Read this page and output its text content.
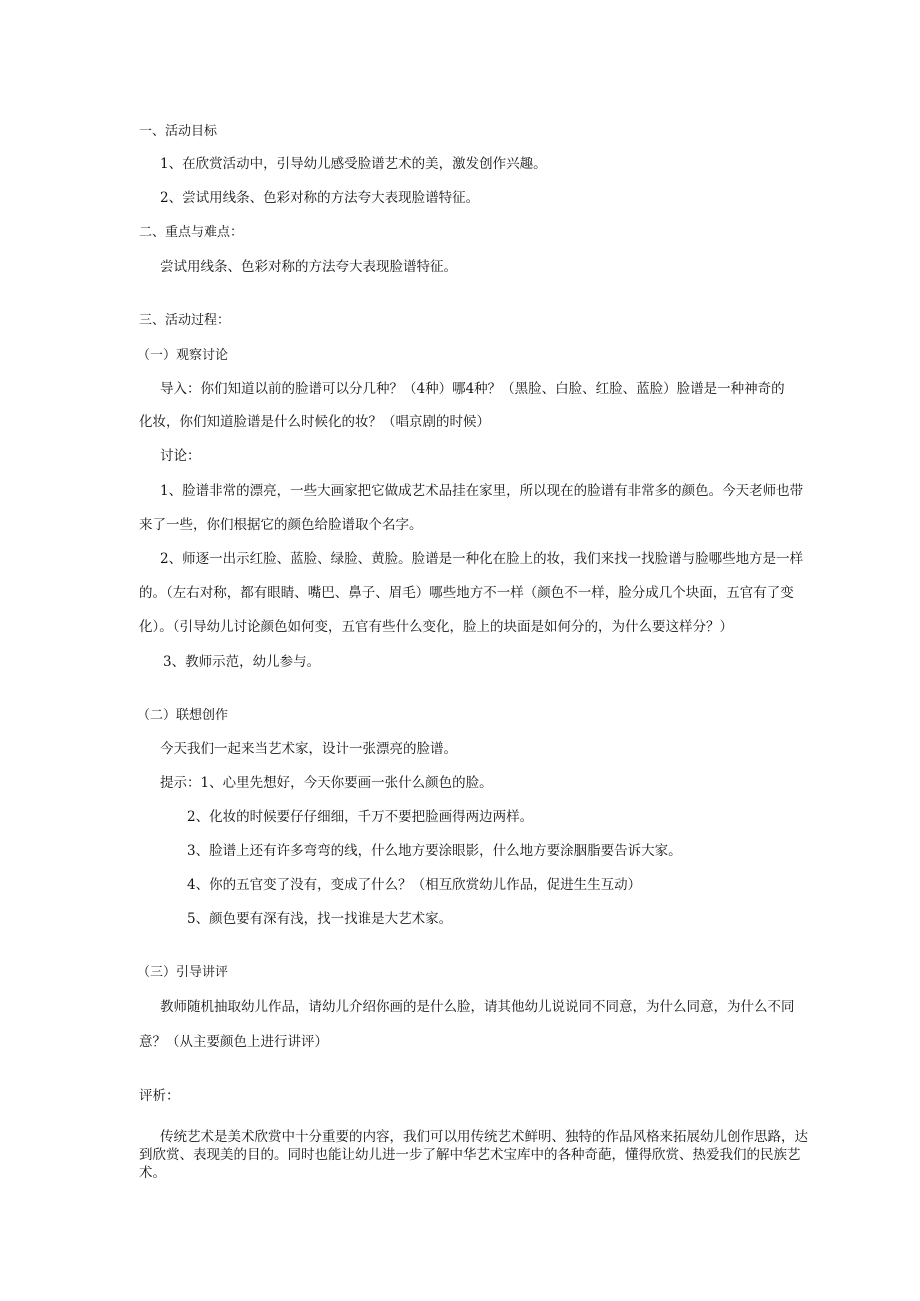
一、活动目标
1、在欣赏活动中，引导幼儿感受脸谱艺术的美，激发创作兴趣。
2、尝试用线条、色彩对称的方法夸大表现脸谱特征。
二、重点与难点：
尝试用线条、色彩对称的方法夸大表现脸谱特征。
三、活动过程：
（一）观察讨论
导入：你们知道以前的脸谱可以分几种？（4种）哪4种？（黑脸、白脸、红脸、蓝脸）脸谱是一种神奇的
化妆，你们知道脸谱是什么时候化的妆？（唱京剧的时候）
讨论：
1、脸谱非常的漂亮，一些大画家把它做成艺术品挂在家里，所以现在的脸谱有非常多的颜色。今天老师也带
来了一些，你们根据它的颜色给脸谱取个名字。
2、师逐一出示红脸、蓝脸、绿脸、黄脸。脸谱是一种化在脸上的妆，我们来找一找脸谱与脸哪些地方是一样
的。（左右对称，都有眼睛、嘴巴、鼻子、眉毛）哪些地方不一样（颜色不一样，脸分成几个块面，五官有了变
化）。（引导幼儿讨论颜色如何变，五官有些什么变化，脸上的块面是如何分的，为什么要这样分？）
3、教师示范，幼儿参与。
（二）联想创作
今天我们一起来当艺术家，设计一张漂亮的脸谱。
提示：1、心里先想好，今天你要画一张什么颜色的脸。
2、化妆的时候要仔仔细细，千万不要把脸画得两边两样。
3、脸谱上还有许多弯弯的线，什么地方要涂眼影，什么地方要涂胭脂要告诉大家。
4、你的五官变了没有，变成了什么？（相互欣赏幼儿作品，促进生生互动）
5、颜色要有深有浅，找一找谁是大艺术家。
（三）引导讲评
教师随机抽取幼儿作品，请幼儿介绍你画的是什么脸，请其他幼儿说说同不同意，为什么同意，为什么不同
意？（从主要颜色上进行讲评）
评析：
传统艺术是美术欣赏中十分重要的内容，我们可以用传统艺术鲜明、独特的作品风格来拓展幼儿创作思路，达
到欣赏、表现美的目的。同时也能让幼儿进一步了解中华艺术宝库中的各种奇葩，懂得欣赏、热爱我们的民族艺
术。
